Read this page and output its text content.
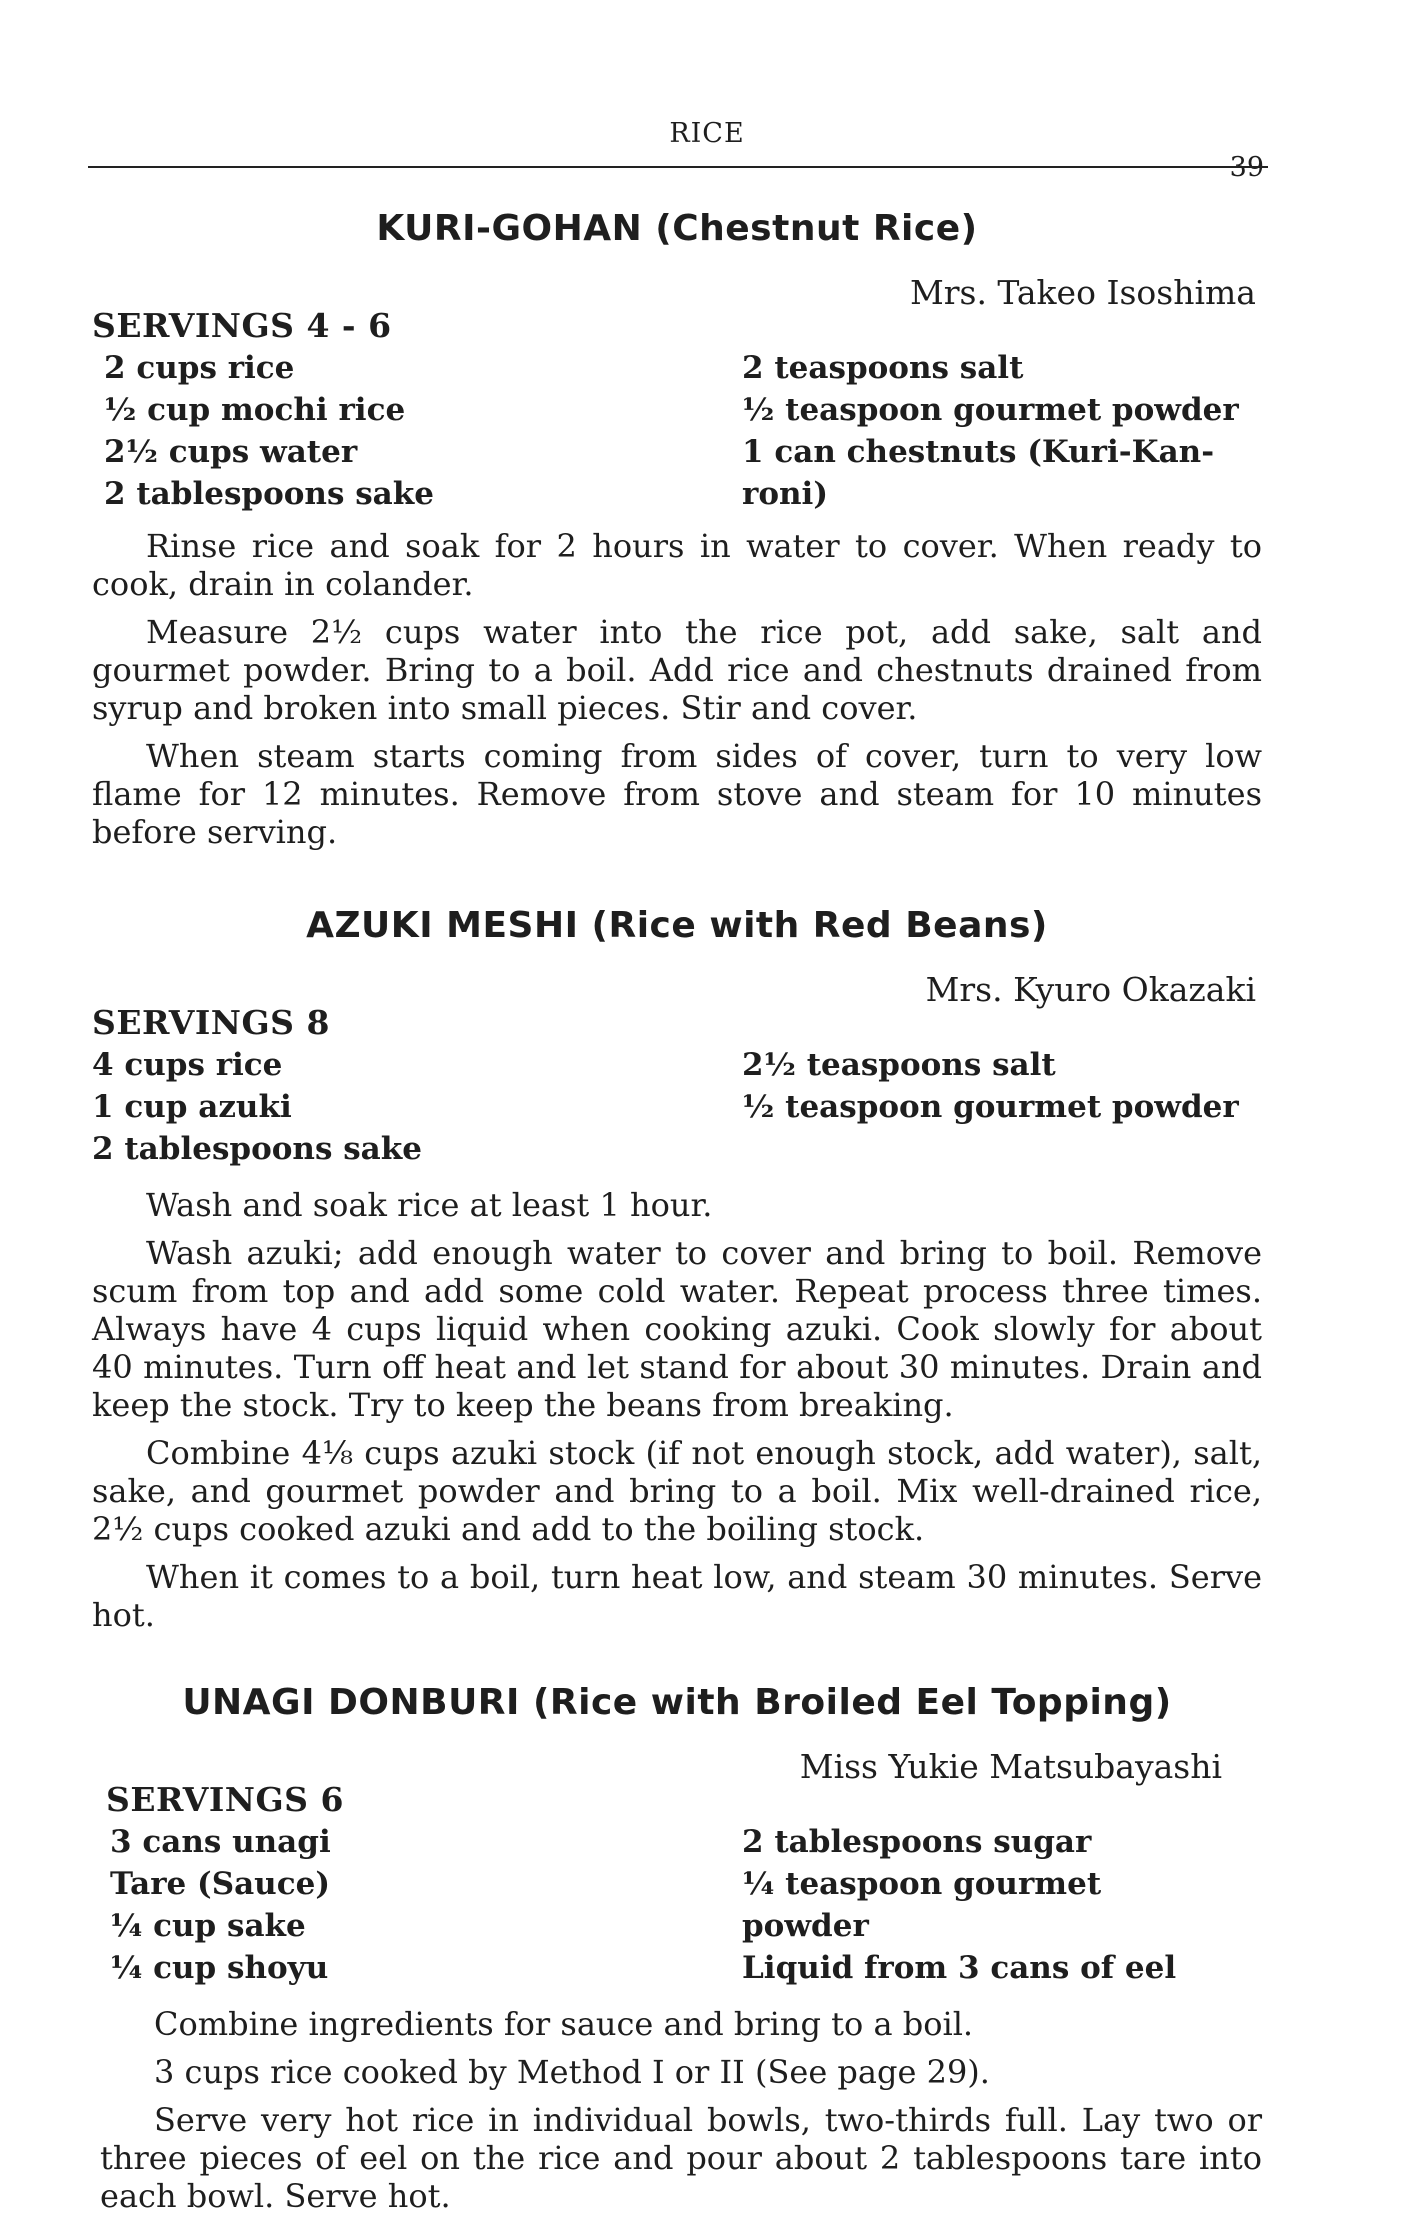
RICE
39
KURI-GOHAN (Chestnut Rice)
Mrs. Takeo Isoshima
SERVINGS 4 - 6
2 cups rice
½ cup mochi rice
2½ cups water
2 tablespoons sake
2 teaspoons salt
½ teaspoon gourmet powder
1 can chestnuts (Kuri-Kan-roni)

Rinse rice and soak for 2 hours in water to cover. When ready to cook, drain in colander.

Measure 2½ cups water into the rice pot, add sake, salt and gourmet powder. Bring to a boil. Add rice and chestnuts drained from syrup and broken into small pieces. Stir and cover.

When steam starts coming from sides of cover, turn to very low flame for 12 minutes. Remove from stove and steam for 10 minutes before serving.

AZUKI MESHI (Rice with Red Beans)
Mrs. Kyuro Okazaki
SERVINGS 8
4 cups rice
1 cup azuki
2 tablespoons sake
2½ teaspoons salt
½ teaspoon gourmet powder

Wash and soak rice at least 1 hour.

Wash azuki; add enough water to cover and bring to boil. Remove scum from top and add some cold water. Repeat process three times. Always have 4 cups liquid when cooking azuki. Cook slowly for about 40 minutes. Turn off heat and let stand for about 30 minutes. Drain and keep the stock. Try to keep the beans from breaking.

Combine 4⅛ cups azuki stock (if not enough stock, add water), salt, sake, and gourmet powder and bring to a boil. Mix well-drained rice, 2½ cups cooked azuki and add to the boiling stock.

When it comes to a boil, turn heat low, and steam 30 minutes. Serve hot.

UNAGI DONBURI (Rice with Broiled Eel Topping)
Miss Yukie Matsubayashi
SERVINGS 6
3 cans unagi
Tare (Sauce)
¼ cup sake
¼ cup shoyu
2 tablespoons sugar
¼ teaspoon gourmet powder
Liquid from 3 cans of eel

Combine ingredients for sauce and bring to a boil.

3 cups rice cooked by Method I or II (See page 29).

Serve very hot rice in individual bowls, two-thirds full. Lay two or three pieces of eel on the rice and pour about 2 tablespoons tare into each bowl. Serve hot.
